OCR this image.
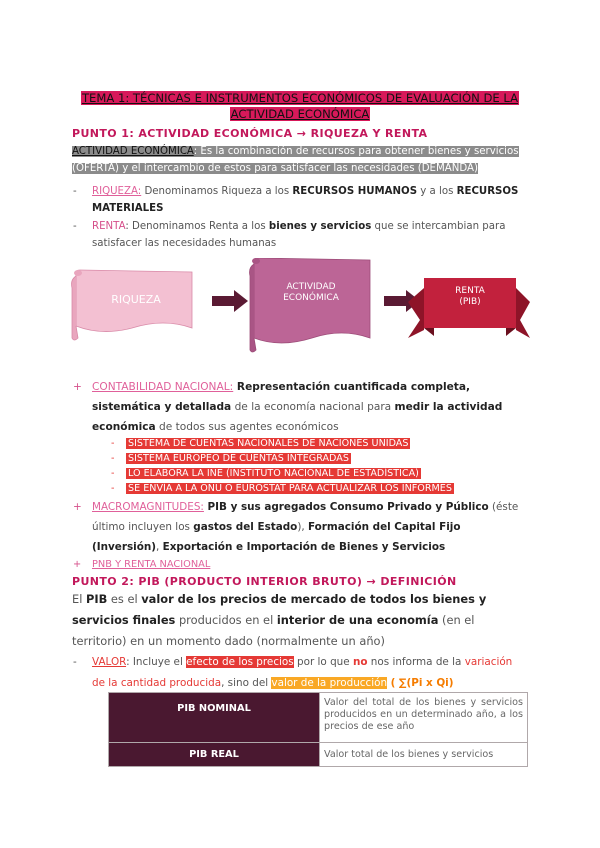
TEMA 1: TÉCNICAS E INSTRUMENTOS ECONÓMICOS DE EVALUACIÓN DE LA
ACTIVIDAD ECONÓMICA
PUNTO 1: ACTIVIDAD ECONÓMICA → RIQUEZA Y RENTA
ACTIVIDAD ECONÓMICA: Es la combinación de recursos para obtener bienes y servicios (OFERTA) y el intercambio de estos para satisfacer las necesidades (DEMANDA)
- RIQUEZA: Denominamos Riqueza a los RECURSOS HUMANOS y a los RECURSOS MATERIALES
- RENTA: Denominamos Renta a los bienes y servicios que se intercambian para satisfacer las necesidades humanas
RIQUEZA
ACTIVIDAD
ECONÓMICA
RENTA
(PIB)
+ CONTABILIDAD NACIONAL: Representación cuantificada completa, sistemática y detallada de la economía nacional para medir la actividad económica de todos sus agentes económicos
- SISTEMA DE CUENTAS NACIONALES DE NACIONES UNIDAS
- SISTEMA EUROPEO DE CUENTAS INTEGRADAS
- LO ELABORA LA INE (INSTITUTO NACIONAL DE ESTADÍSTICA)
- SE ENVÍA A LA ONU O EUROSTAT PARA ACTUALIZAR LOS INFORMES
+ MACROMAGNITUDES: PIB y sus agregados Consumo Privado y Público (éste último incluyen los gastos del Estado), Formación del Capital Fijo (Inversión), Exportación e Importación de Bienes y Servicios
+ PNB Y RENTA NACIONAL
PUNTO 2: PIB (PRODUCTO INTERIOR BRUTO) → DEFINICIÓN
El PIB es el valor de los precios de mercado de todos los bienes y servicios finales producidos en el interior de una economía (en el territorio) en un momento dado (normalmente un año)
- VALOR: Incluye el efecto de los precios por lo que no nos informa de la variación de la cantidad producida, sino del valor de la producción ( ∑(Pi x Qi)
PIB NOMINAL	Valor del total de los bienes y servicios producidos en un determinado año, a los precios de ese año
PIB REAL	Valor total de los bienes y servicios
